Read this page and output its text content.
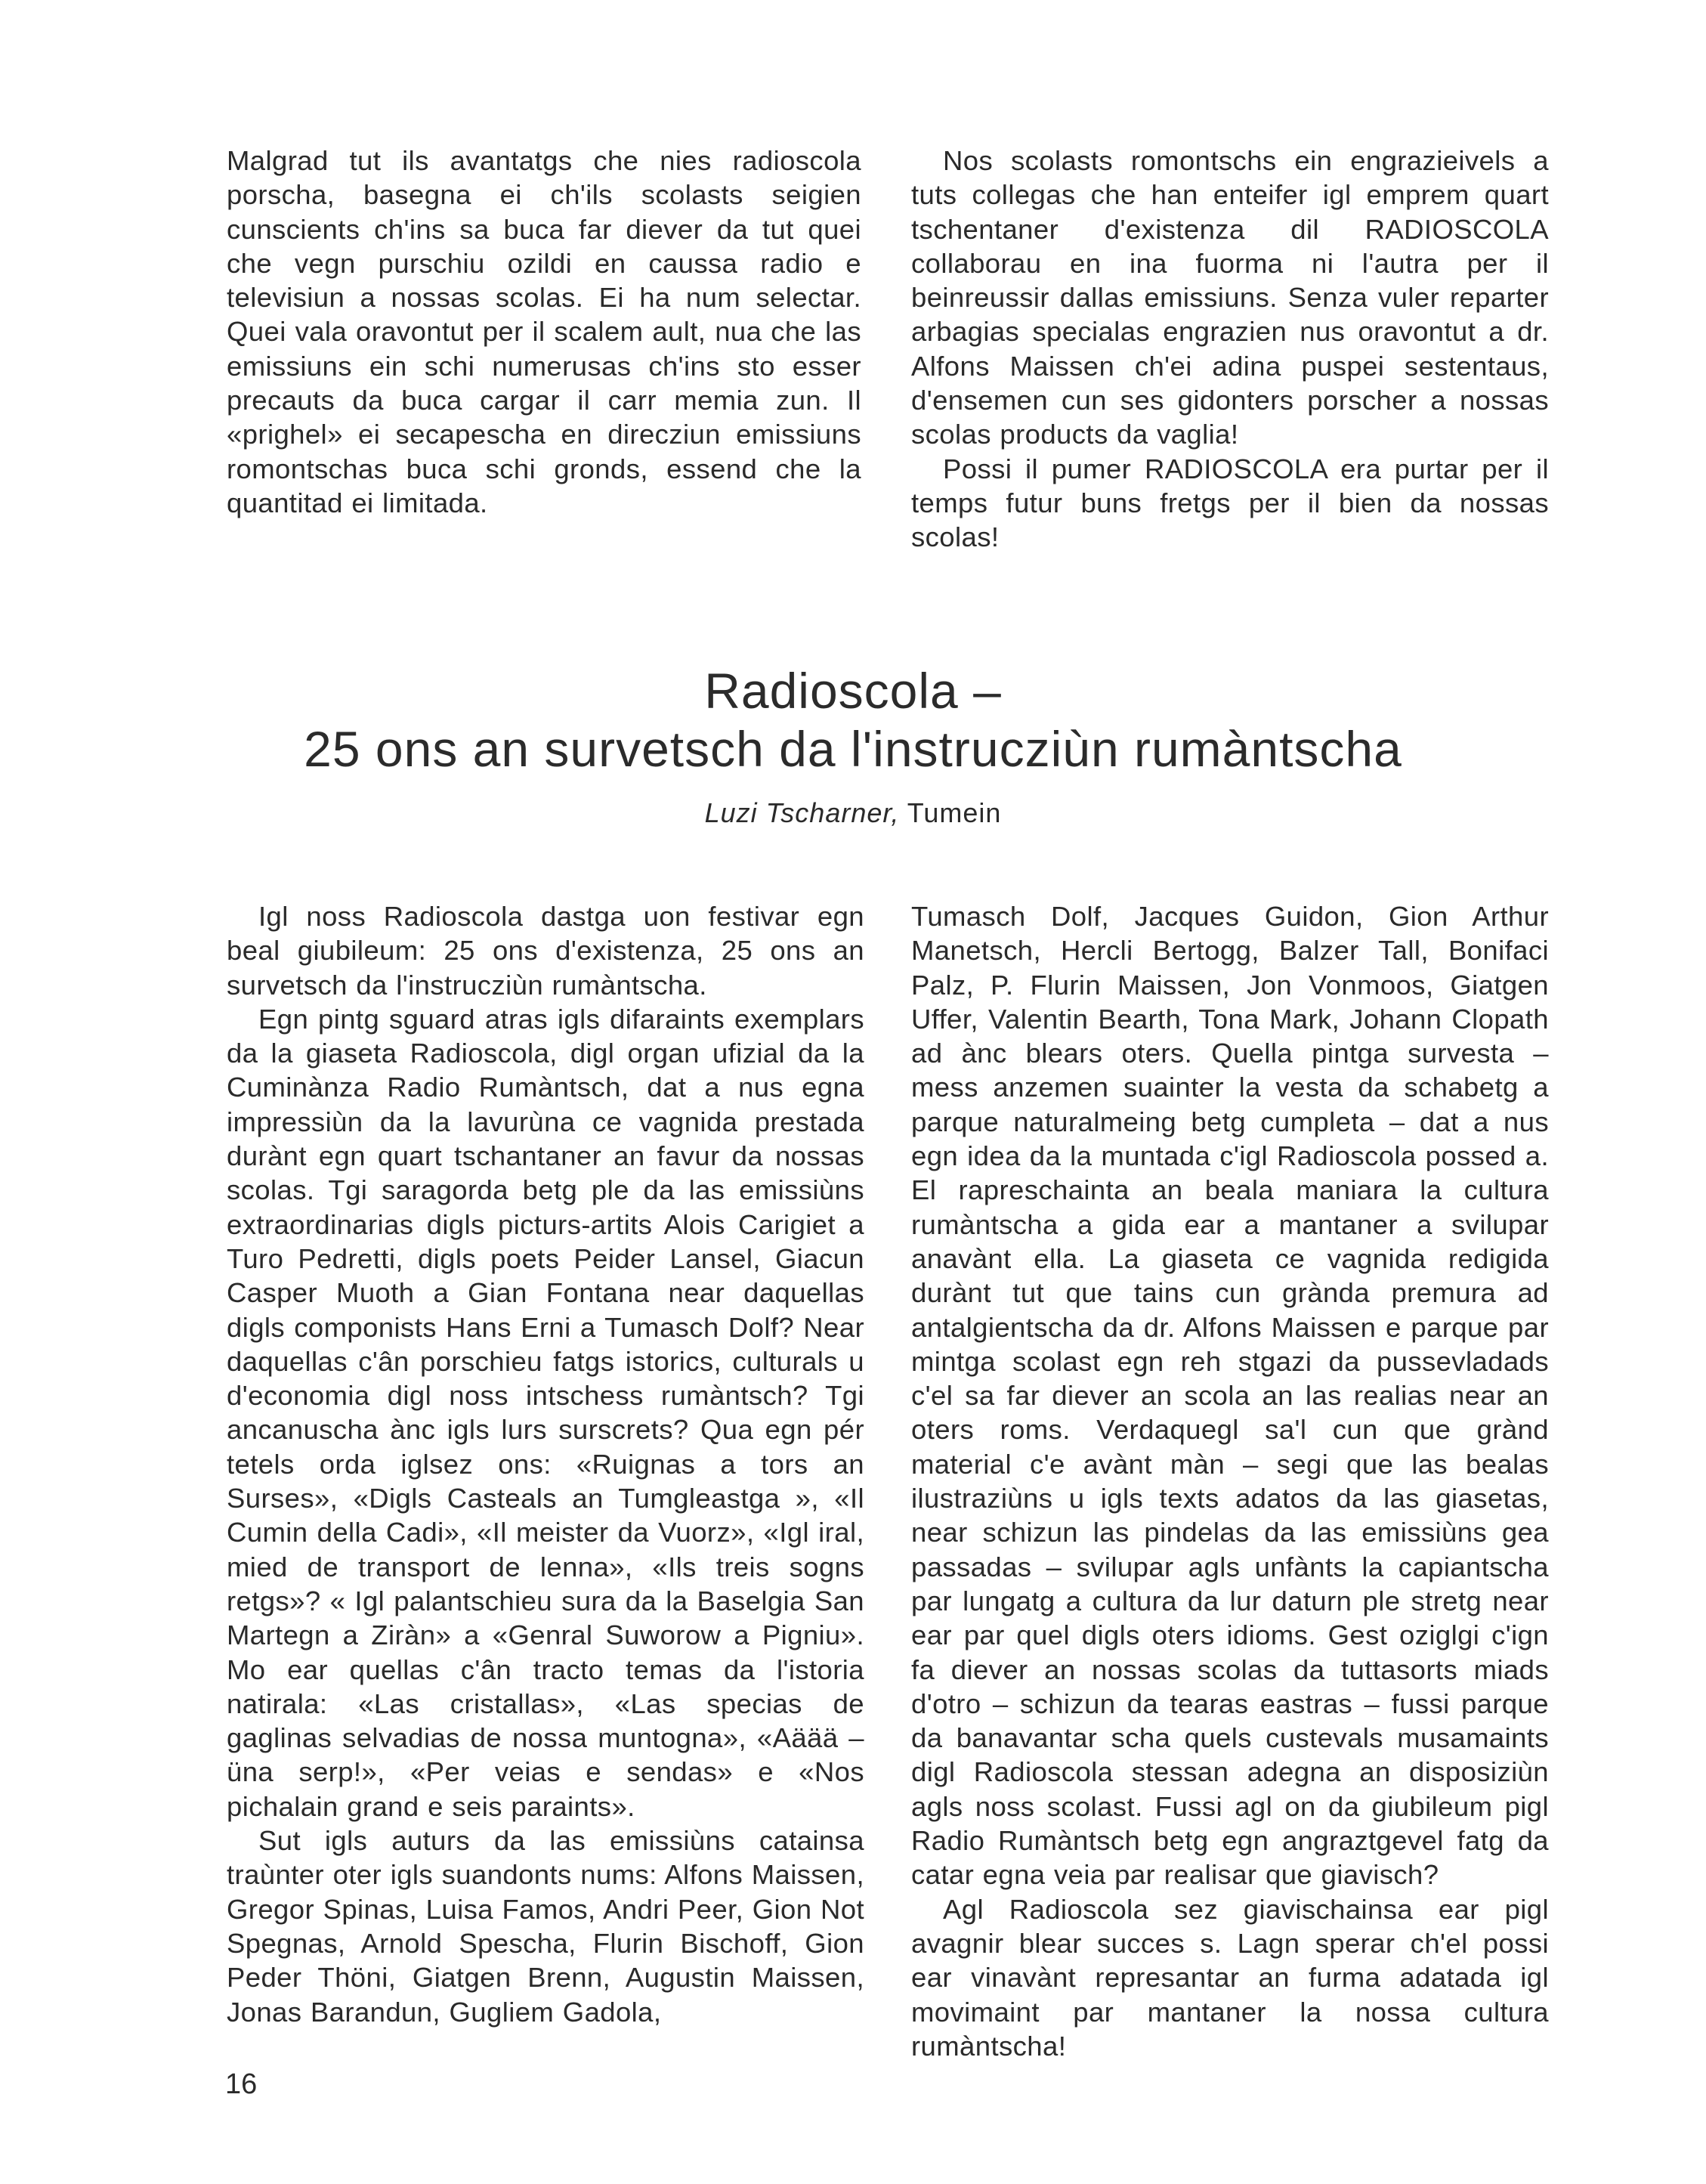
Malgrad tut ils avantatgs che nies radioscola porscha, basegna ei ch'ils scolasts seigien cunscients ch'ins sa buca far diever da tut quei che vegn purschiu ozildi en caussa radio e televisiun a nossas scolas. Ei ha num selectar. Quei vala oravontut per il scalem ault, nua che las emissiuns ein schi numerusas ch'ins sto esser precauts da buca cargar il carr memia zun. Il «prighel» ei secapescha en direcziun emissiuns romontschas buca schi gronds, essend che la quantitad ei limitada.

Nos scolasts romontschs ein engrazieivels a tuts collegas che han enteifer igl emprem quart tschentaner d'existenza dil RADIOSCOLA collaborau en ina fuorma ni l'autra per il beinreussir dallas emissiuns. Senza vuler reparter arbagias specialas engrazien nus oravontut a dr. Alfons Maissen ch'ei adina puspei sestentaus, d'ensemen cun ses gidonters porscher a nossas scolas products da vaglia!

Possi il pumer RADIOSCOLA era purtar per il temps futur buns fretgs per il bien da nossas scolas!

Radioscola –
25 ons an survetsch da l'instrucziùn rumàntscha
Luzi Tscharner, Tumein

Igl noss Radioscola dastga uon festivar egn beal giubileum: 25 ons d'existenza, 25 ons an survetsch da l'instrucziùn rumàntscha.

Egn pintg sguard atras igls difaraints exemplars da la giaseta Radioscola, digl organ ufizial da la Cuminànza Radio Rumàntsch, dat a nus egna impressiùn da la lavurùna ce vagnida prestada durànt egn quart tschantaner an favur da nossas scolas. Tgi saragorda betg ple da las emissiùns extraordinarias digls picturs-artits Alois Carigiet a Turo Pedretti, digls poets Peider Lansel, Giacun Casper Muoth a Gian Fontana near daquellas digls componists Hans Erni a Tumasch Dolf? Near daquellas c'ân porschieu fatgs istorics, culturals u d'economia digl noss intschess rumàntsch? Tgi ancanuscha ànc igls lurs surscrets? Qua egn pér tetels orda iglsez ons: «Ruignas a tors an Surses», «Digls Casteals an Tumgleastga », «Il Cumin della Cadi», «Il meister da Vuorz», «Igl iral, mied de transport de lenna», «Ils treis sogns retgs»? « Igl palantschieu sura da la Baselgia San Martegn a Ziràn» a «Genral Suworow a Pigniu». Mo ear quellas c'ân tracto temas da l'istoria natirala: «Las cristallas», «Las specias de gaglinas selvadias de nossa muntogna», «Aäää – üna serp!», «Per veias e sendas» e «Nos pichalain grand e seis paraints».

Sut igls auturs da las emissiùns catainsa traùnter oter igls suandonts nums: Alfons Maissen, Gregor Spinas, Luisa Famos, Andri Peer, Gion Not Spegnas, Arnold Spescha, Flurin Bischoff, Gion Peder Thöni, Giatgen Brenn, Augustin Maissen, Jonas Barandun, Gugliem Gadola,

Tumasch Dolf, Jacques Guidon, Gion Arthur Manetsch, Hercli Bertogg, Balzer Tall, Bonifaci Palz, P. Flurin Maissen, Jon Vonmoos, Giatgen Uffer, Valentin Bearth, Tona Mark, Johann Clopath ad ànc blears oters. Quella pintga survesta – mess anzemen suainter la vesta da schabetg a parque naturalmeing betg cumpleta – dat a nus egn idea da la muntada c'igl Radioscola possed a. El rapreschainta an beala maniara la cultura rumàntscha a gida ear a mantaner a svilupar anavànt ella. La giaseta ce vagnida redigida durànt tut que tains cun grànda premura ad antalgientscha da dr. Alfons Maissen e parque par mintga scolast egn reh stgazi da pussevladads c'el sa far diever an scola an las realias near an oters roms. Verdaquegl sa'l cun que grànd material c'e avànt màn – segi que las bealas ilustraziùns u igls texts adatos da las giasetas, near schizun las pindelas da las emissiùns gea passadas – svilupar agls unfànts la capiantscha par lungatg a cultura da lur daturn ple stretg near ear par quel digls oters idioms. Gest oziglgi c'ign fa diever an nossas scolas da tuttasorts miads d'otro – schizun da tearas eastras – fussi parque da banavantar scha quels custevals musamaints digl Radioscola stessan adegna an disposiziùn agls noss scolast. Fussi agl on da giubileum pigl Radio Rumàntsch betg egn angraztgevel fatg da catar egna veia par realisar que giavisch?

Agl Radioscola sez giavischainsa ear pigl avagnir blear succes s. Lagn sperar ch'el possi ear vinavànt represantar an furma adatada igl movimaint par mantaner la nossa cultura rumàntscha!

16
